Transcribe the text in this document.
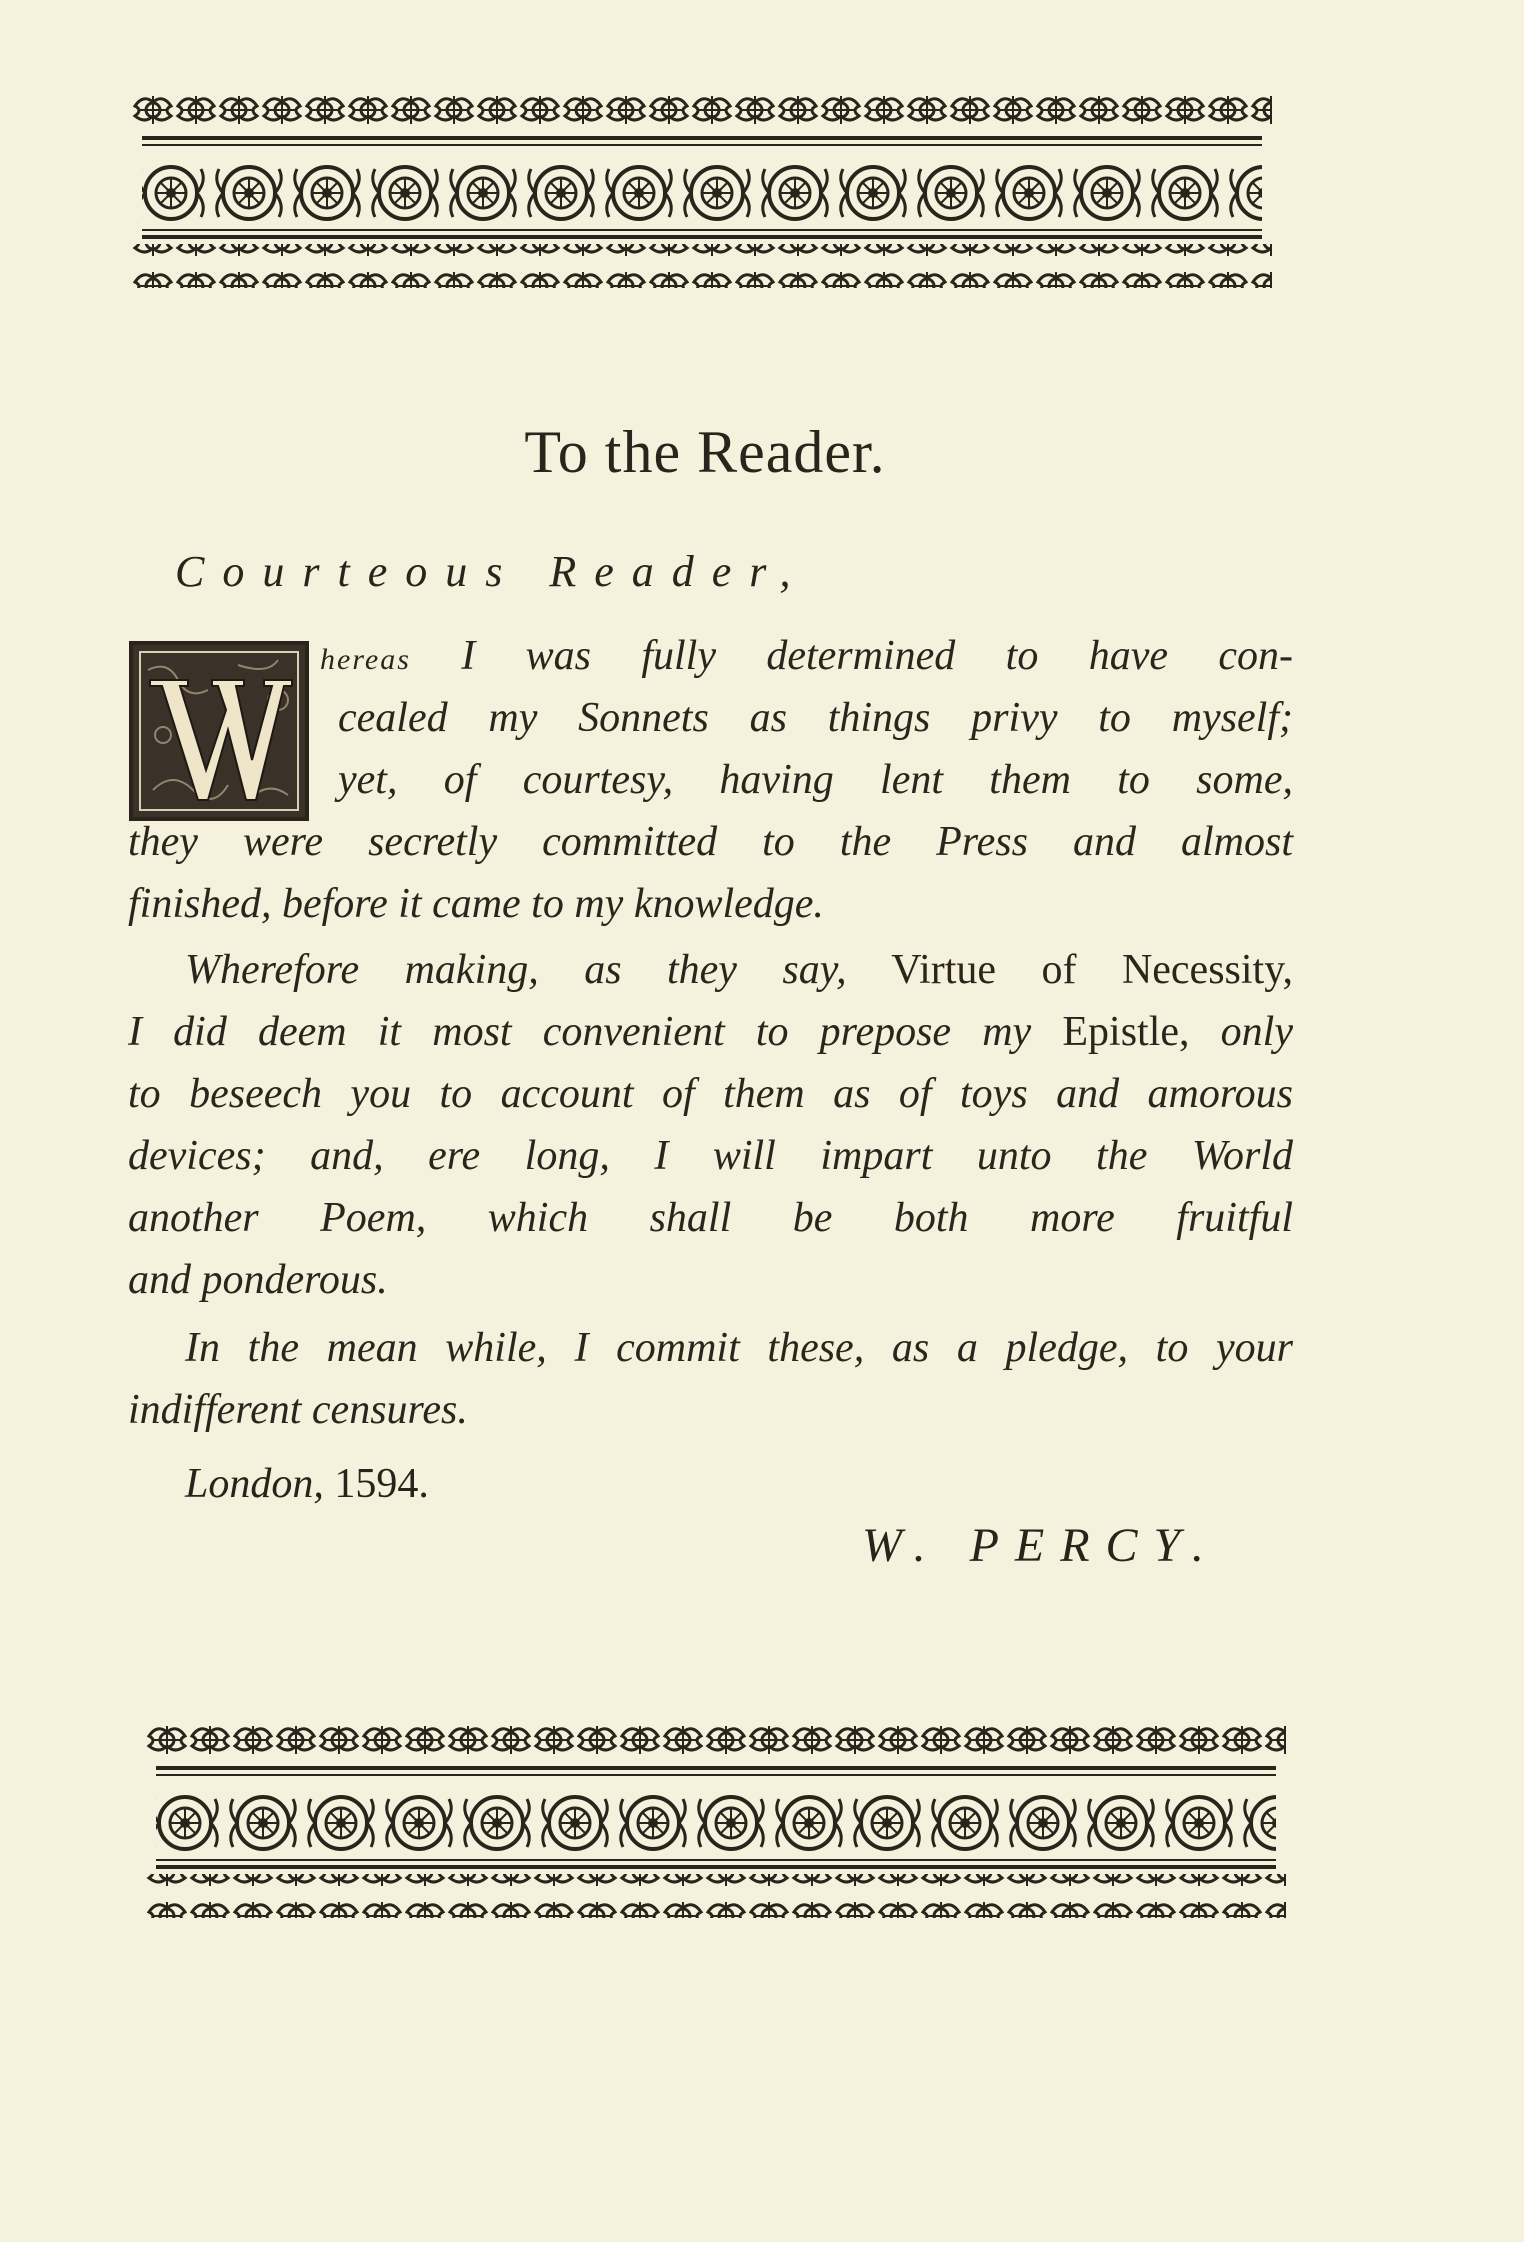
To the Reader.
Courteous Reader,
W
hereas I was fully determined to have con-
cealed my Sonnets as things privy to myself;
yet, of courtesy, having lent them to some,
they were secretly committed to the Press and almost
finished, before it came to my knowledge.
Wherefore making, as they say, Virtue of Necessity,
I did deem it most convenient to prepose my Epistle, only
to beseech you to account of them as of toys and amorous
devices; and, ere long, I will impart unto the World
another Poem, which shall be both more fruitful
and ponderous.
In the mean while, I commit these, as a pledge, to your
indifferent censures.
London, 1594.
W. PERCY.
